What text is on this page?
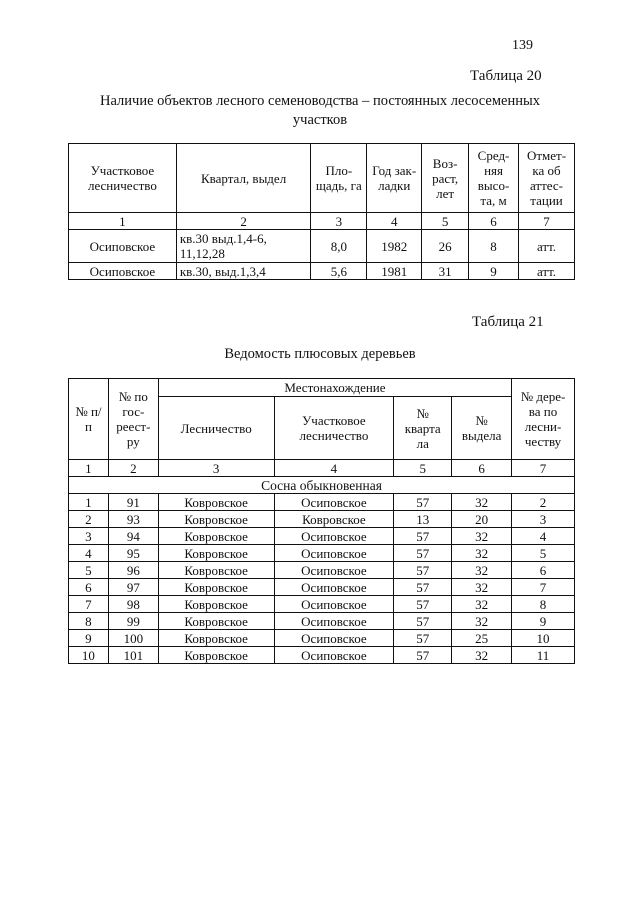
139
Таблица 20
Наличие объектов лесного семеноводства – постоянных лесосеменных
участков
Участковое лесничество	Квартал, выдел	Пло-щадь, га	Год зак-ладки	Воз-раст, лет	Сред-няя высо-та, м	Отмет-ка об аттес-тации
1	2	3	4	5	6	7
Осиповское	кв.30 выд.1,4-6, 11,12,28	8,0	1982	26	8	атт.
Осиповское	кв.30, выд.1,3,4	5,6	1981	31	9	атт.
Таблица 21
Ведомость плюсовых деревьев
№ п/п	№ по гос-реест-ру	Местонахождение				№ дере-ва по лесни-честву
		Лесничество	Участковое лесничество	№ кварта ла	№ выдела	
1	2	3	4	5	6	7
Сосна обыкновенная						
1	91	Ковровское	Осиповское	57	32	2
2	93	Ковровское	Ковровское	13	20	3
3	94	Ковровское	Осиповское	57	32	4
4	95	Ковровское	Осиповское	57	32	5
5	96	Ковровское	Осиповское	57	32	6
6	97	Ковровское	Осиповское	57	32	7
7	98	Ковровское	Осиповское	57	32	8
8	99	Ковровское	Осиповское	57	32	9
9	100	Ковровское	Осиповское	57	25	10
10	101	Ковровское	Осиповское	57	32	11
